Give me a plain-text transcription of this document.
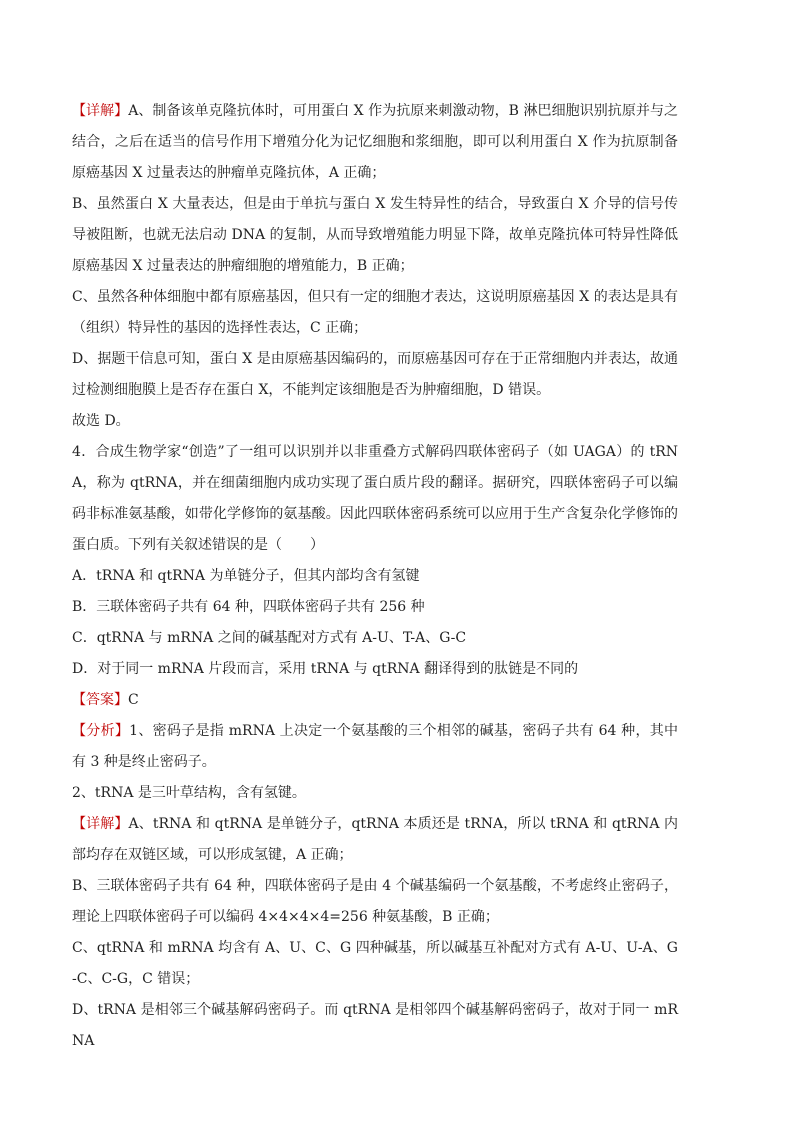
【详解】A、制备该单克隆抗体时，可用蛋白 X 作为抗原来刺激动物，B 淋巴细胞识别抗原并与之结合，之后在适当的信号作用下增殖分化为记忆细胞和浆细胞，即可以利用蛋白 X 作为抗原制备原癌基因 X 过量表达的肿瘤单克隆抗体，A 正确；

B、虽然蛋白 X 大量表达，但是由于单抗与蛋白 X 发生特异性的结合，导致蛋白 X 介导的信号传导被阻断，也就无法启动 DNA 的复制，从而导致增殖能力明显下降，故单克隆抗体可特异性降低原癌基因 X 过量表达的肿瘤细胞的增殖能力，B 正确；

C、虽然各种体细胞中都有原癌基因，但只有一定的细胞才表达，这说明原癌基因 X 的表达是具有（组织）特异性的基因的选择性表达，C 正确；

D、据题干信息可知，蛋白 X 是由原癌基因编码的，而原癌基因可存在于正常细胞内并表达，故通过检测细胞膜上是否存在蛋白 X，不能判定该细胞是否为肿瘤细胞，D 错误。

故选 D。

4．合成生物学家“创造”了一组可以识别并以非重叠方式解码四联体密码子（如 UAGA）的 tRNA，称为 qtRNA，并在细菌细胞内成功实现了蛋白质片段的翻译。据研究，四联体密码子可以编码非标准氨基酸，如带化学修饰的氨基酸。因此四联体密码系统可以应用于生产含复杂化学修饰的蛋白质。下列有关叙述错误的是（　　）

A．tRNA 和 qtRNA 为单链分子，但其内部均含有氢键

B．三联体密码子共有 64 种，四联体密码子共有 256 种

C．qtRNA 与 mRNA 之间的碱基配对方式有 A-U、T-A、G-C

D．对于同一 mRNA 片段而言，采用 tRNA 与 qtRNA 翻译得到的肽链是不同的

【答案】C

【分析】1、密码子是指 mRNA 上决定一个氨基酸的三个相邻的碱基，密码子共有 64 种，其中有 3 种是终止密码子。

2、tRNA 是三叶草结构，含有氢键。

【详解】A、tRNA 和 qtRNA 是单链分子，qtRNA 本质还是 tRNA，所以 tRNA 和 qtRNA 内部均存在双链区域，可以形成氢键，A 正确；

B、三联体密码子共有 64 种，四联体密码子是由 4 个碱基编码一个氨基酸，不考虑终止密码子，理论上四联体密码子可以编码 4×4×4×4=256 种氨基酸，B 正确；

C、qtRNA 和 mRNA 均含有 A、U、C、G 四种碱基，所以碱基互补配对方式有 A-U、U-A、G-C、C-G，C 错误；

D、tRNA 是相邻三个碱基解码密码子。而 qtRNA 是相邻四个碱基解码密码子，故对于同一 mRNA
